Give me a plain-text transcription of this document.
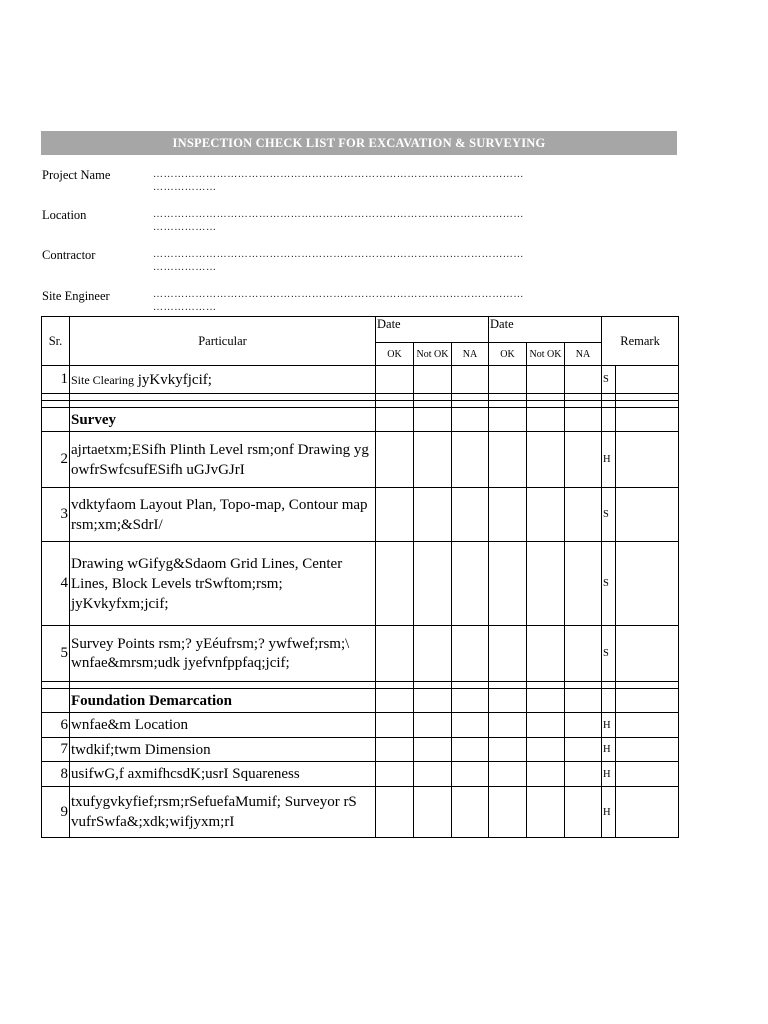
INSPECTION CHECK LIST FOR EXCAVATION & SURVEYING
Project Name	……………………………………………………………………………………………
………………
Location	……………………………………………………………………………………………
………………
Contractor	……………………………………………………………………………………………
………………
Site Engineer	……………………………………………………………………………………………
………………
Sr.	Particular	Date			Date			Remark	
		OK	Not OK	NA	OK	Not OK	NA		
1	Site Clearing jyKvkyfjcif;							S	

	Survey								
2	ajrtaetxm;ESifh Plinth Level rsm;onf Drawing yg owfrSwfcsufESifh uGJvGJrI							H	
3	vdktyfaom Layout Plan, Topo-map, Contour map rsm;xm;&SdrI/							S	
4	Drawing wGifyg&Sdaom Grid Lines, Center Lines, Block Levels trSwftom;rsm; jyKvkyfxm;jcif;							S	
5	Survey Points rsm;? yEéufrsm;? ywfwef;rsm;\ wnfae&mrsm;udk jyefvnfppfaq;jcif;							S	

	Foundation Demarcation								
6	wnfae&m Location							H	
7	twdkif;twm Dimension							H	
8	usifwG,f axmifhcsdK;usrI Squareness							H	
9	txufygvkyfief;rsm;rSefuefaMumif; Surveyor rS vufrSwfa&;xdk;wifjyxm;rI							H	
